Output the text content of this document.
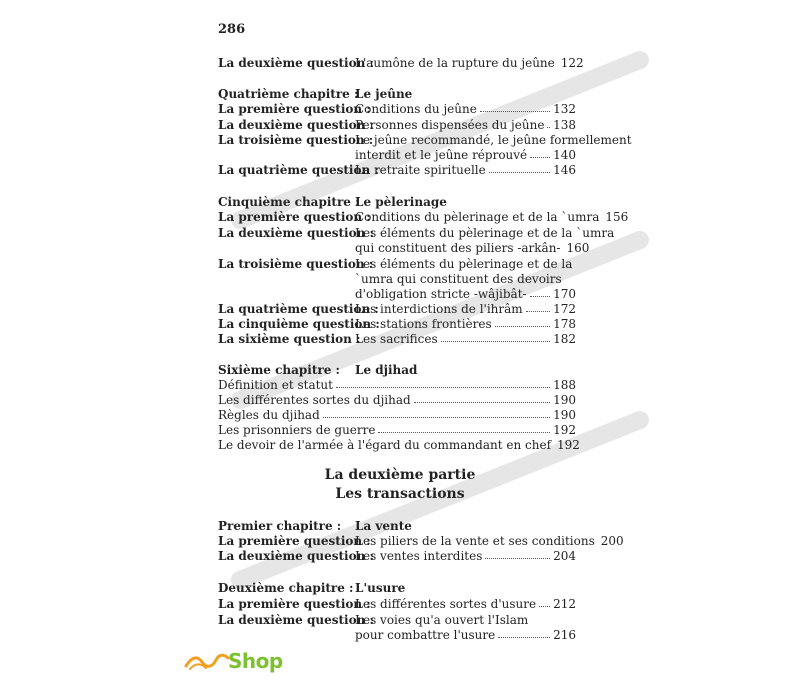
286
La deuxième question :
L'aumône de la rupture du jeûne 122
Quatrième chapitre :
Le jeûne
La première question :
Conditions du jeûne	132
La deuxième question :
Personnes dispensées du jeûne 138
La troisième question :
Le jeûne recommandé, le jeûne formellement
interdit et le jeûne réprouvé 140
La quatrième question :
La retraite spirituelle	146
Cinquième chapitre :
Le pèlerinage
La première question :
Conditions du pèlerinage et de la `umra 156
La deuxième question :
Les éléments du pèlerinage et de la `umra
qui constituent des piliers -arkân- 160
La troisième question :
Les éléments du pèlerinage et de la
`umra qui constituent des devoirs
d'obligation stricte -wâjibât- 170
La quatrième question :
Les interdictions de l'ihrâm	172
La cinquième question :
Les stations frontières	178
La sixième question :
Les sacrifices	182
Sixième chapitre : Le djihad
Définition et statut	188
Les différentes sortes du djihad	190
Règles du djihad	190
Les prisonniers de guerre	192
Le devoir de l'armée à l'égard du commandant en chef 192
Premier chapitre : La vente
La première question :
Les piliers de la vente et ses conditions 200
La deuxième question :
Les ventes interdites	204
Deuxième chapitre : L'usure
La première question :
Les différentes sortes d'usure 212
La deuxième question :
Les voies qu'a ouvert l'Islam
pour combattre l'usure	216
La deuxième partie
Les transactions
Shop
